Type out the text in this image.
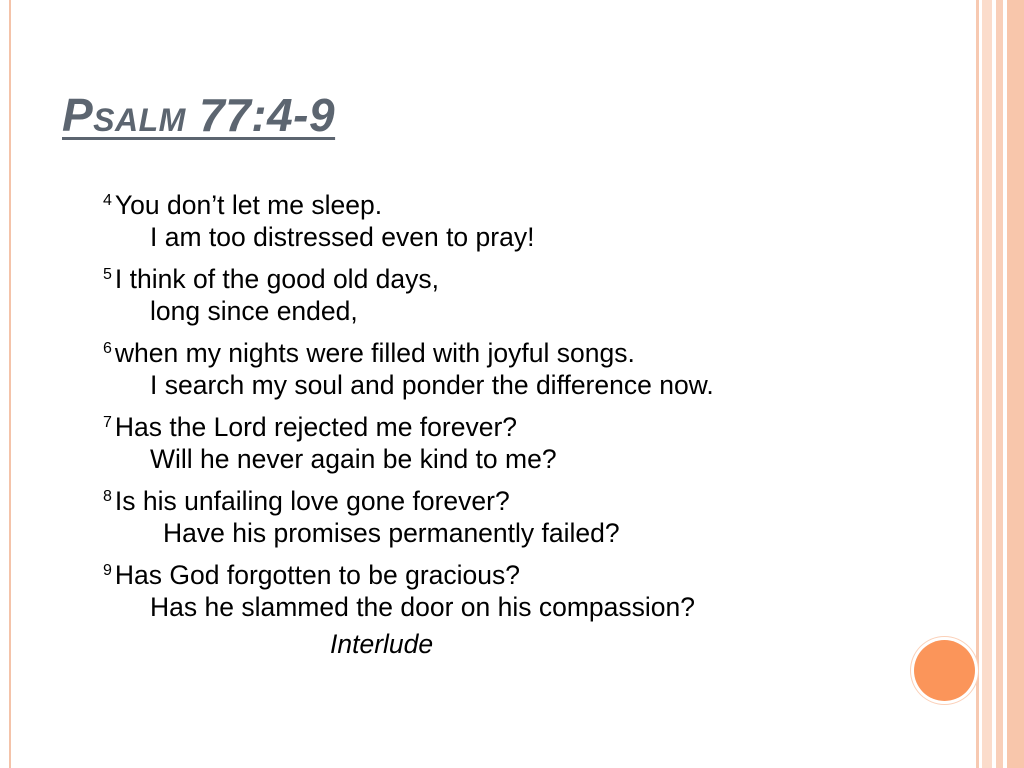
Psalm 77:4-9
$^4$ You don’t let me sleep.
I am too distressed even to pray!
$^5$ I think of the good old days,
long since ended,
$^6$ when my nights were filled with joyful songs.
I search my soul and ponder the difference now.
$^7$ Has the Lord rejected me forever?
Will he never again be kind to me?
$^8$ Is his unfailing love gone forever?
Have his promises permanently failed?
$^9$ Has God forgotten to be gracious?
Has he slammed the door on his compassion?
Interlude
